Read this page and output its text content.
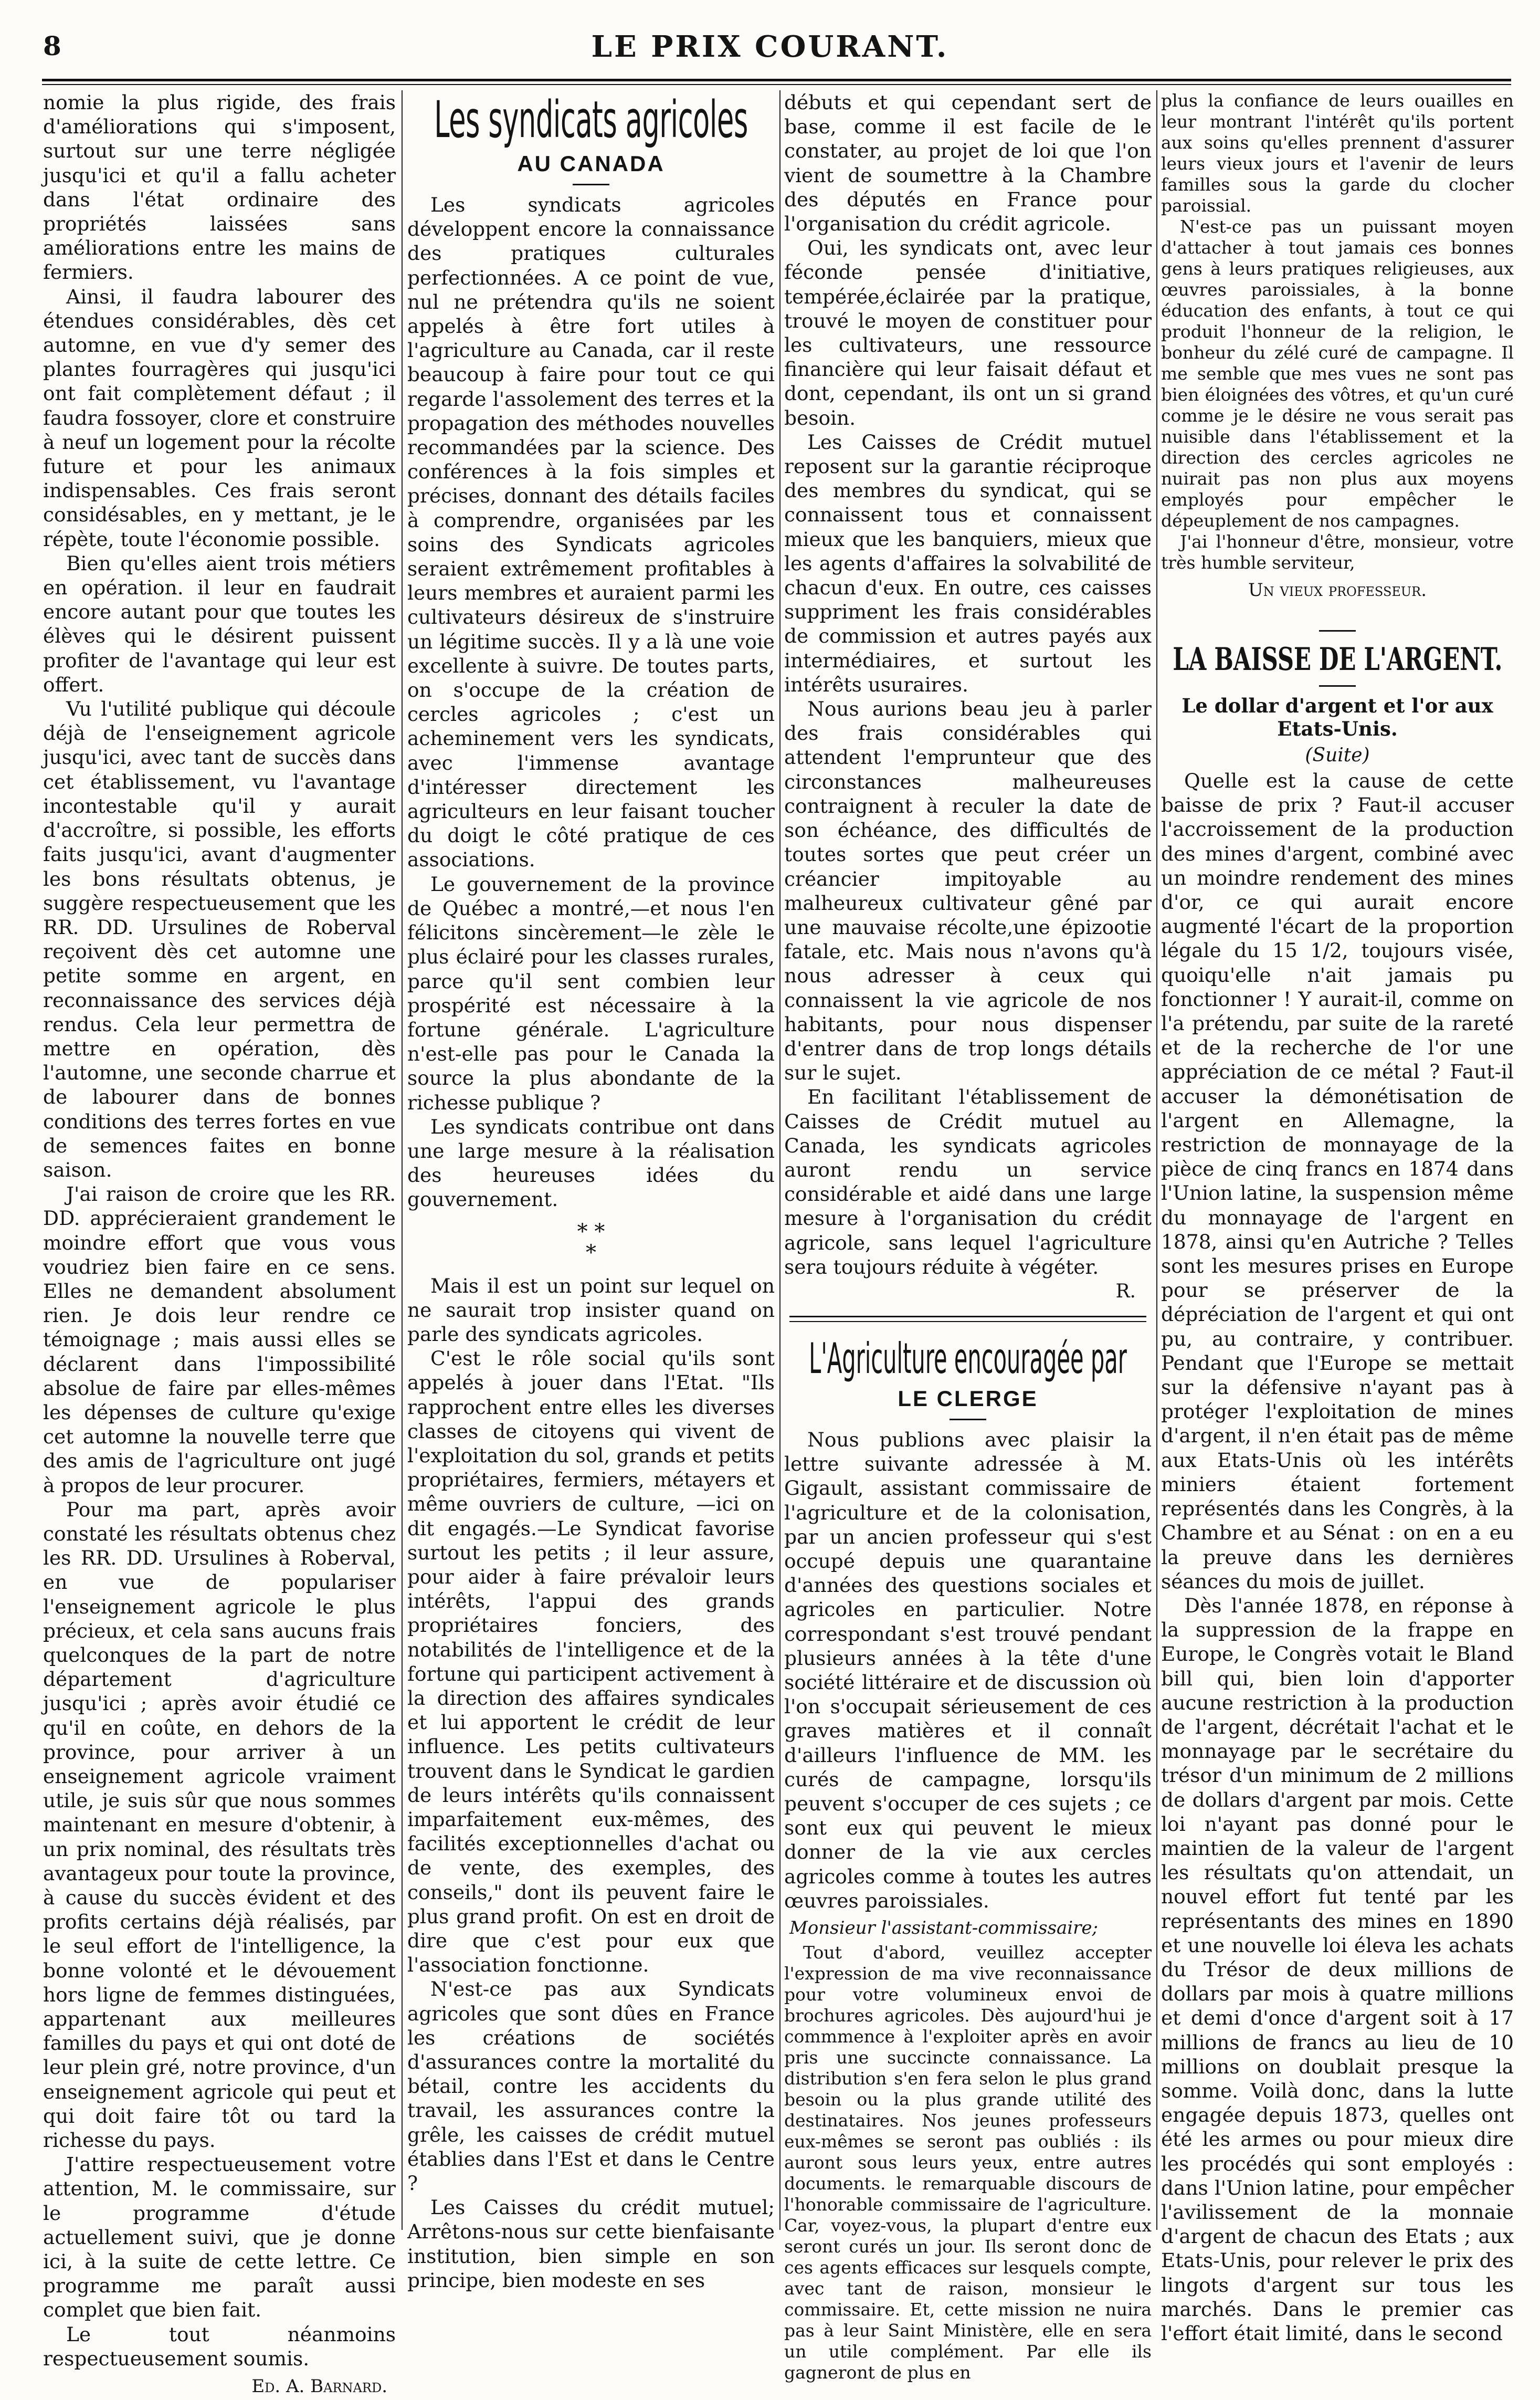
8	LE PRIX COURANT.

nomie la plus rigide, des frais d'améliorations qui s'imposent, surtout sur une terre négligée jusqu'ici et qu'il a fallu acheter dans l'état ordinaire des propriétés laissées sans améliorations entre les mains de fermiers.

Ainsi, il faudra labourer des étendues considérables, dès cet automne, en vue d'y semer des plantes fourragères qui jusqu'ici ont fait complètement défaut ; il faudra fossoyer, clore et construire à neuf un logement pour la récolte future et pour les animaux indispensables. Ces frais seront considésables, en y mettant, je le répète, toute l'économie possible.

Bien qu'elles aient trois métiers en opération. il leur en faudrait encore autant pour que toutes les élèves qui le désirent puissent profiter de l'avantage qui leur est offert.

Vu l'utilité publique qui découle déjà de l'enseignement agricole jusqu'ici, avec tant de succès dans cet établissement, vu l'avantage incontestable qu'il y aurait d'accroître, si possible, les efforts faits jusqu'ici, avant d'augmenter les bons résultats obtenus, je suggère respectueusement que les RR. DD. Ursulines de Roberval reçoivent dès cet automne une petite somme en argent, en reconnaissance des services déjà rendus. Cela leur permettra de mettre en opération, dès l'automne, une seconde charrue et de labourer dans de bonnes conditions des terres fortes en vue de semences faites en bonne saison.

J'ai raison de croire que les RR. DD. apprécieraient grandement le moindre effort que vous vous voudriez bien faire en ce sens. Elles ne demandent absolument rien. Je dois leur rendre ce témoignage ; mais aussi elles se déclarent dans l'impossibilité absolue de faire par elles-mêmes les dépenses de culture qu'exige cet automne la nouvelle terre que des amis de l'agriculture ont jugé à propos de leur procurer.

Pour ma part, après avoir constaté les résultats obtenus chez les RR. DD. Ursulines à Roberval, en vue de populariser l'enseignement agricole le plus précieux, et cela sans aucuns frais quelconques de la part de notre département d'agriculture jusqu'ici ; après avoir étudié ce qu'il en coûte, en dehors de la province, pour arriver à un enseignement agricole vraiment utile, je suis sûr que nous sommes maintenant en mesure d'obtenir, à un prix nominal, des résultats très avantageux pour toute la province, à cause du succès évident et des profits certains déjà réalisés, par le seul effort de l'intelligence, la bonne volonté et le dévouement hors ligne de femmes distinguées, appartenant aux meilleures familles du pays et qui ont doté de leur plein gré, notre province, d'un enseignement agricole qui peut et qui doit faire tôt ou tard la richesse du pays.

J'attire respectueusement votre attention, M. le commissaire, sur le programme d'étude actuellement suivi, que je donne ici, à la suite de cette lettre. Ce programme me paraît aussi complet que bien fait.

Le tout néanmoins respectueusement soumis.

Ed. A. Barnard.
Les syndicats agricoles
AU CANADA

Les syndicats agricoles développent encore la connaissance des pratiques culturales perfectionnées. A ce point de vue, nul ne prétendra qu'ils ne soient appelés à être fort utiles à l'agriculture au Canada, car il reste beaucoup à faire pour tout ce qui regarde l'assolement des terres et la propagation des méthodes nouvelles recommandées par la science. Des conférences à la fois simples et précises, donnant des détails faciles à comprendre, organisées par les soins des Syndicats agricoles seraient extrêmement profitables à leurs membres et auraient parmi les cultivateurs désireux de s'instruire un légitime succès. Il y a là une voie excellente à suivre. De toutes parts, on s'occupe de la création de cercles agricoles ; c'est un acheminement vers les syndicats, avec l'immense avantage d'intéresser directement les agriculteurs en leur faisant toucher du doigt le côté pratique de ces associations.

Le gouvernement de la province de Québec a montré,—et nous l'en félicitons sincèrement—le zèle le plus éclairé pour les classes rurales, parce qu'il sent combien leur prospérité est nécessaire à la fortune générale. L'agriculture n'est-elle pas pour le Canada la source la plus abondante de la richesse publique ?

Les syndicats contribue ont dans une large mesure à la réalisation des heureuses idées du gouvernement.

* *
*

Mais il est un point sur lequel on ne saurait trop insister quand on parle des syndicats agricoles.

C'est le rôle social qu'ils sont appelés à jouer dans l'Etat. "Ils rapprochent entre elles les diverses classes de citoyens qui vivent de l'exploitation du sol, grands et petits propriétaires, fermiers, métayers et même ouvriers de culture, —ici on dit engagés.—Le Syndicat favorise surtout les petits ; il leur assure, pour aider à faire prévaloir leurs intérêts, l'appui des grands propriétaires fonciers, des notabilités de l'intelligence et de la fortune qui participent activement à la direction des affaires syndicales et lui apportent le crédit de leur influence. Les petits cultivateurs trouvent dans le Syndicat le gardien de leurs intérêts qu'ils connaissent imparfaitement eux-mêmes, des facilités exceptionnelles d'achat ou de vente, des exemples, des conseils," dont ils peuvent faire le plus grand profit. On est en droit de dire que c'est pour eux que l'association fonctionne.

N'est-ce pas aux Syndicats agricoles que sont dûes en France les créations de sociétés d'assurances contre la mortalité du bétail, contre les accidents du travail, les assurances contre la grêle, les caisses de crédit mutuel établies dans l'Est et dans le Centre ?

Les Caisses du crédit mutuel; Arrêtons-nous sur cette bienfaisante institution, bien simple en son principe, bien modeste en ses

débuts et qui cependant sert de base, comme il est facile de le constater, au projet de loi que l'on vient de soumettre à la Chambre des députés en France pour l'organisation du crédit agricole.

Oui, les syndicats ont, avec leur féconde pensée d'initiative, tempérée,éclairée par la pratique, trouvé le moyen de constituer pour les cultivateurs, une ressource financière qui leur faisait défaut et dont, cependant, ils ont un si grand besoin.

Les Caisses de Crédit mutuel reposent sur la garantie réciproque des membres du syndicat, qui se connaissent tous et connaissent mieux que les banquiers, mieux que les agents d'affaires la solvabilité de chacun d'eux. En outre, ces caisses suppriment les frais considérables de commission et autres payés aux intermédiaires, et surtout les intérêts usuraires.

Nous aurions beau jeu à parler des frais considérables qui attendent l'emprunteur que des circonstances malheureuses contraignent à reculer la date de son échéance, des difficultés de toutes sortes que peut créer un créancier impitoyable au malheureux cultivateur gêné par une mauvaise récolte,une épizootie fatale, etc. Mais nous n'avons qu'à nous adresser à ceux qui connaissent la vie agricole de nos habitants, pour nous dispenser d'entrer dans de trop longs détails sur le sujet.

En facilitant l'établissement de Caisses de Crédit mutuel au Canada, les syndicats agricoles auront rendu un service considérable et aidé dans une large mesure à l'organisation du crédit agricole, sans lequel l'agriculture sera toujours réduite à végéter.

R.
L'Agriculture encouragée par
LE CLERGE

Nous publions avec plaisir la lettre suivante adressée à M. Gigault, assistant commissaire de l'agriculture et de la colonisation, par un ancien professeur qui s'est occupé depuis une quarantaine d'années des questions sociales et agricoles en particulier. Notre correspondant s'est trouvé pendant plusieurs années à la tête d'une société littéraire et de discussion où l'on s'occupait sérieusement de ces graves matières et il connaît d'ailleurs l'influence de MM. les curés de campagne, lorsqu'ils peuvent s'occuper de ces sujets ; ce sont eux qui peuvent le mieux donner de la vie aux cercles agricoles comme à toutes les autres œuvres paroissiales.

Monsieur l'assistant-commissaire;

Tout d'abord, veuillez accepter l'expression de ma vive reconnaissance pour votre volumineux envoi de brochures agricoles. Dès aujourd'hui je commmence à l'exploiter après en avoir pris une succincte connaissance. La distribution s'en fera selon le plus grand besoin ou la plus grande utilité des destinataires. Nos jeunes professeurs eux-mêmes se seront pas oubliés : ils auront sous leurs yeux, entre autres documents. le remarquable discours de l'honorable commissaire de l'agriculture. Car, voyez-vous, la plupart d'entre eux seront curés un jour. Ils seront donc de ces agents efficaces sur lesquels compte, avec tant de raison, monsieur le commissaire. Et, cette mission ne nuira pas à leur Saint Ministère, elle en sera un utile complément. Par elle ils gagneront de plus en

plus la confiance de leurs ouailles en leur montrant l'intérêt qu'ils portent aux soins qu'elles prennent d'assurer leurs vieux jours et l'avenir de leurs familles sous la garde du clocher paroissial.

N'est-ce pas un puissant moyen d'attacher à tout jamais ces bonnes gens à leurs pratiques religieuses, aux œuvres paroissiales, à la bonne éducation des enfants, à tout ce qui produit l'honneur de la religion, le bonheur du zélé curé de campagne. Il me semble que mes vues ne sont pas bien éloignées des vôtres, et qu'un curé comme je le désire ne vous serait pas nuisible dans l'établissement et la direction des cercles agricoles ne nuirait pas non plus aux moyens employés pour empêcher le dépeuplement de nos campagnes.

J'ai l'honneur d'être, monsieur, votre très humble serviteur,

Un vieux professeur.
LA BAISSE DE L'ARGENT.
Le dollar d'argent et l'or aux Etats-Unis.
(Suite)

Quelle est la cause de cette baisse de prix ? Faut-il accuser l'accroissement de la production des mines d'argent, combiné avec un moindre rendement des mines d'or, ce qui aurait encore augmenté l'écart de la proportion légale du 15 1/2, toujours visée, quoiqu'elle n'ait jamais pu fonctionner ! Y aurait-il, comme on l'a prétendu, par suite de la rareté et de la recherche de l'or une appréciation de ce métal ? Faut-il accuser la démonétisation de l'argent en Allemagne, la restriction de monnayage de la pièce de cinq francs en 1874 dans l'Union latine, la suspension même du monnayage de l'argent en 1878, ainsi qu'en Autriche ? Telles sont les mesures prises en Europe pour se préserver de la dépréciation de l'argent et qui ont pu, au contraire, y contribuer. Pendant que l'Europe se mettait sur la défensive n'ayant pas à protéger l'exploitation de mines d'argent, il n'en était pas de même aux Etats-Unis où les intérêts miniers étaient fortement représentés dans les Congrès, à la Chambre et au Sénat : on en a eu la preuve dans les dernières séances du mois de juillet.

Dès l'année 1878, en réponse à la suppression de la frappe en Europe, le Congrès votait le Bland bill qui, bien loin d'apporter aucune restriction à la production de l'argent, décrétait l'achat et le monnayage par le secrétaire du trésor d'un minimum de 2 millions de dollars d'argent par mois. Cette loi n'ayant pas donné pour le maintien de la valeur de l'argent les résultats qu'on attendait, un nouvel effort fut tenté par les représentants des mines en 1890 et une nouvelle loi éleva les achats du Trésor de deux millions de dollars par mois à quatre millions et demi d'once d'argent soit à 17 millions de francs au lieu de 10 millions on doublait presque la somme. Voilà donc, dans la lutte engagée depuis 1873, quelles ont été les armes ou pour mieux dire les procédés qui sont employés : dans l'Union latine, pour empêcher l'avilissement de la monnaie d'argent de chacun des Etats ; aux Etats-Unis, pour relever le prix des lingots d'argent sur tous les marchés. Dans le premier cas l'effort était limité, dans le second
